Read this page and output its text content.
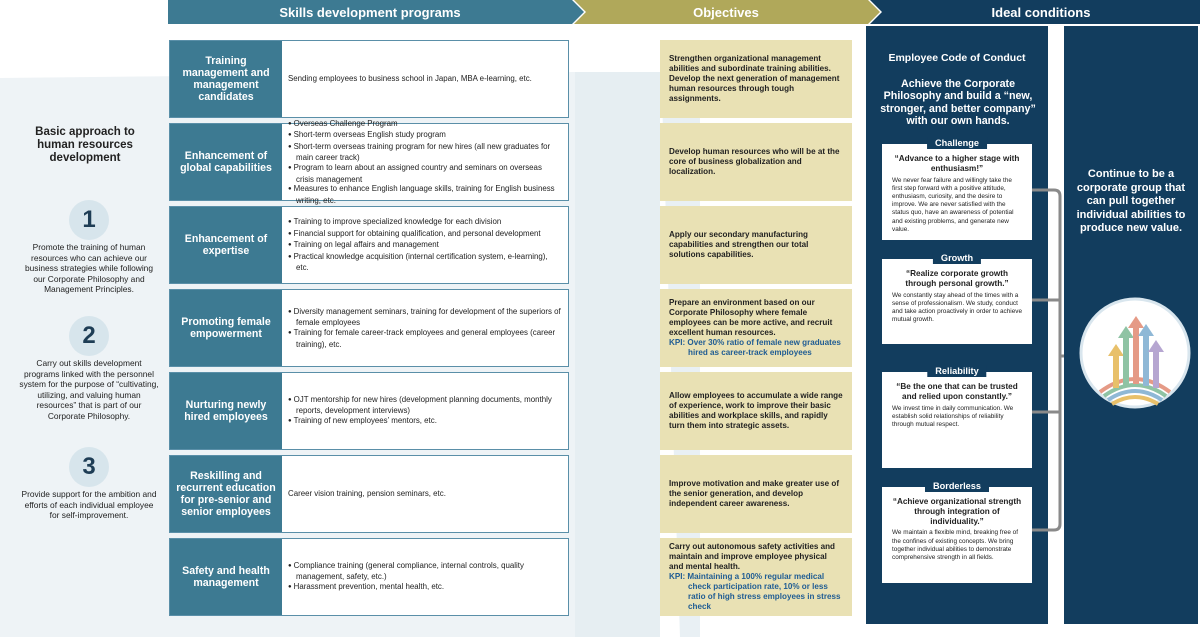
Skills development programs	Objectives	Ideal conditions
Basic approach to human resources development
1
Promote the training of human resources who can achieve our business strategies while following our Corporate Philosophy and Management Principles.
2
Carry out skills development programs linked with the personnel system for the purpose of “cultivating, utilizing, and valuing human resources” that is part of our Corporate Philosophy.
3
Provide support for the ambition and efforts of each individual employee for self-improvement.
Training management and management candidates
Sending employees to business school in Japan, MBA e-learning, etc.
Enhancement of global capabilities
● Overseas Challenge Program
● Short-term overseas English study program
● Short-term overseas training program for new hires (all new graduates for main career track)
● Program to learn about an assigned country and seminars on overseas crisis management
● Measures to enhance English language skills, training for English business writing, etc.
Enhancement of expertise
● Training to improve specialized knowledge for each division
● Financial support for obtaining qualification, and personal development
● Training on legal affairs and management
● Practical knowledge acquisition (internal certification system, e-learning), etc.
Promoting female empowerment
● Diversity management seminars, training for development of the superiors of female employees
● Training for female career-track employees and general employees (career training), etc.
Nurturing newly hired employees
● OJT mentorship for new hires (development planning documents, monthly reports, development interviews)
● Training of new employees’ mentors, etc.
Reskilling and recurrent education for pre-senior and senior employees
Career vision training, pension seminars, etc.
Safety and health management
● Compliance training (general compliance, internal controls, quality management, safety, etc.)
● Harassment prevention, mental health, etc.
Strengthen organizational management abilities and subordinate training abilities. Develop the next generation of management human resources through tough assignments.
Develop human resources who will be at the core of business globalization and localization.
Apply our secondary manufacturing capabilities and strengthen our total solutions capabilities.
Prepare an environment based on our Corporate Philosophy where female employees can be more active, and recruit excellent human resources.
KPI: Over 30% ratio of female new graduates hired as career-track employees
Allow employees to accumulate a wide range of experience, work to improve their basic abilities and workplace skills, and rapidly turn them into strategic assets.
Improve motivation and make greater use of the senior generation, and develop independent career awareness.
Carry out autonomous safety activities and maintain and improve employee physical and mental health.
KPI: Maintaining a 100% regular medical check participation rate, 10% or less ratio of high stress employees in stress check
Employee Code of Conduct
Achieve the Corporate Philosophy and build a “new, stronger, and better company” with our own hands.
Challenge
“Advance to a higher stage with enthusiasm!”
We never fear failure and willingly take the first step forward with a positive attitude, enthusiasm, curiosity, and the desire to improve. We are never satisfied with the status quo, have an awareness of potential and existing problems, and generate new value.
Growth
“Realize corporate growth through personal growth.”
We constantly stay ahead of the times with a sense of professionalism. We study, conduct and take action proactively in order to achieve mutual growth.
Reliability
“Be the one that can be trusted and relied upon constantly.”
We invest time in daily communication. We establish solid relationships of reliability through mutual respect.
Borderless
“Achieve organizational strength through integration of individuality.”
We maintain a flexible mind, breaking free of the confines of existing concepts. We bring together individual abilities to demonstrate comprehensive strength in all fields.
Continue to be a corporate group that can pull together individual abilities to produce new value.
